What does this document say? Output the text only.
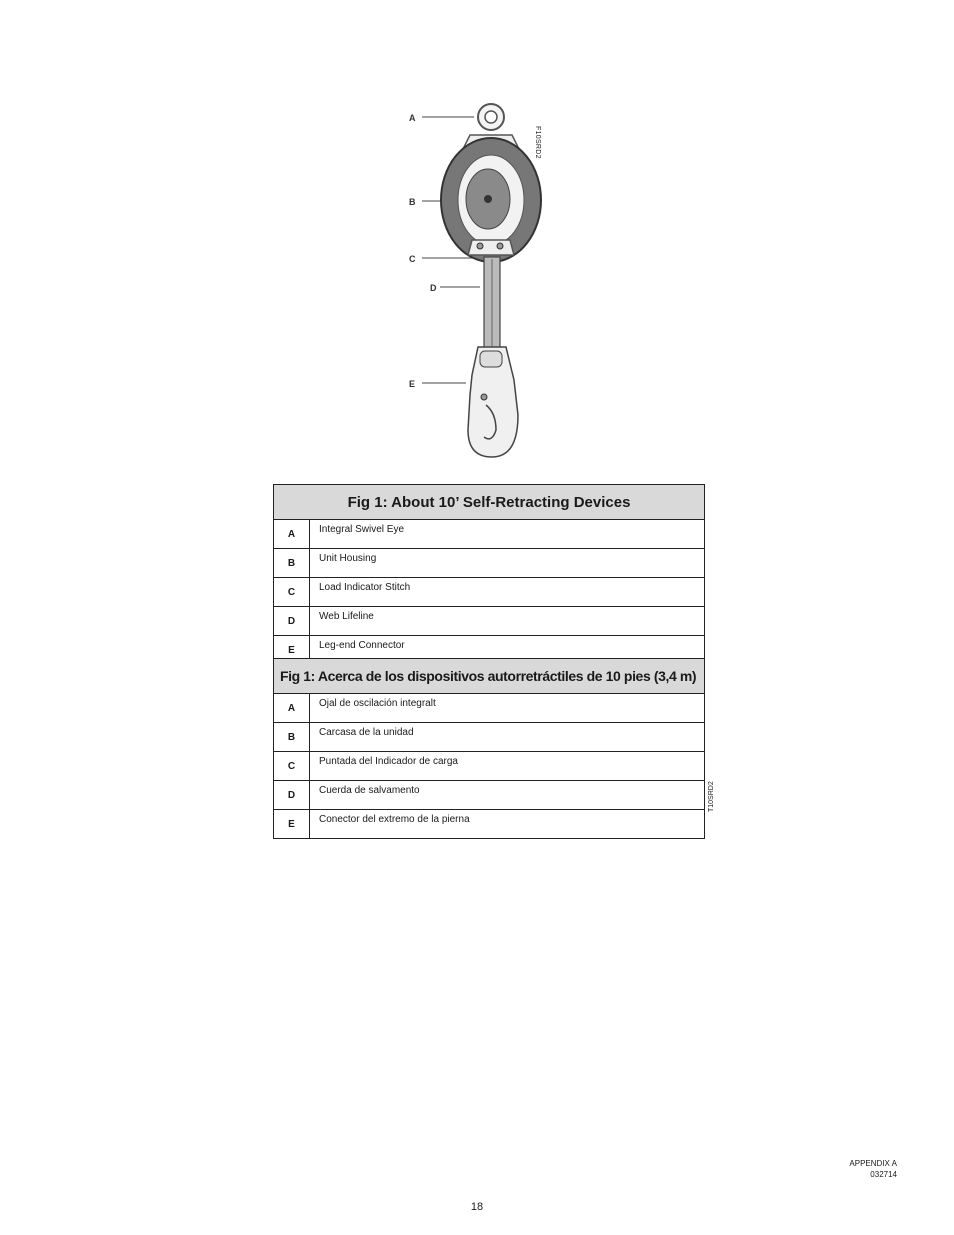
A
B
C
D
E
F10SRD2
Fig 1: About 10’ Self-Retracting Devices	
A	Integral Swivel Eye
B	Unit Housing
C	Load Indicator Stitch
D	Web Lifeline
E	Leg-end Connector
Fig 1: Acerca de los dispositivos autorretráctiles de 10 pies (3,4 m)	
A	Ojal de oscilación integralt
B	Carcasa de la unidad
C	Puntada del Indicador de carga
D	Cuerda de salvamento
E	Conector del extremo de la pierna
T10SRD2
APPENDIX A
032714
18
